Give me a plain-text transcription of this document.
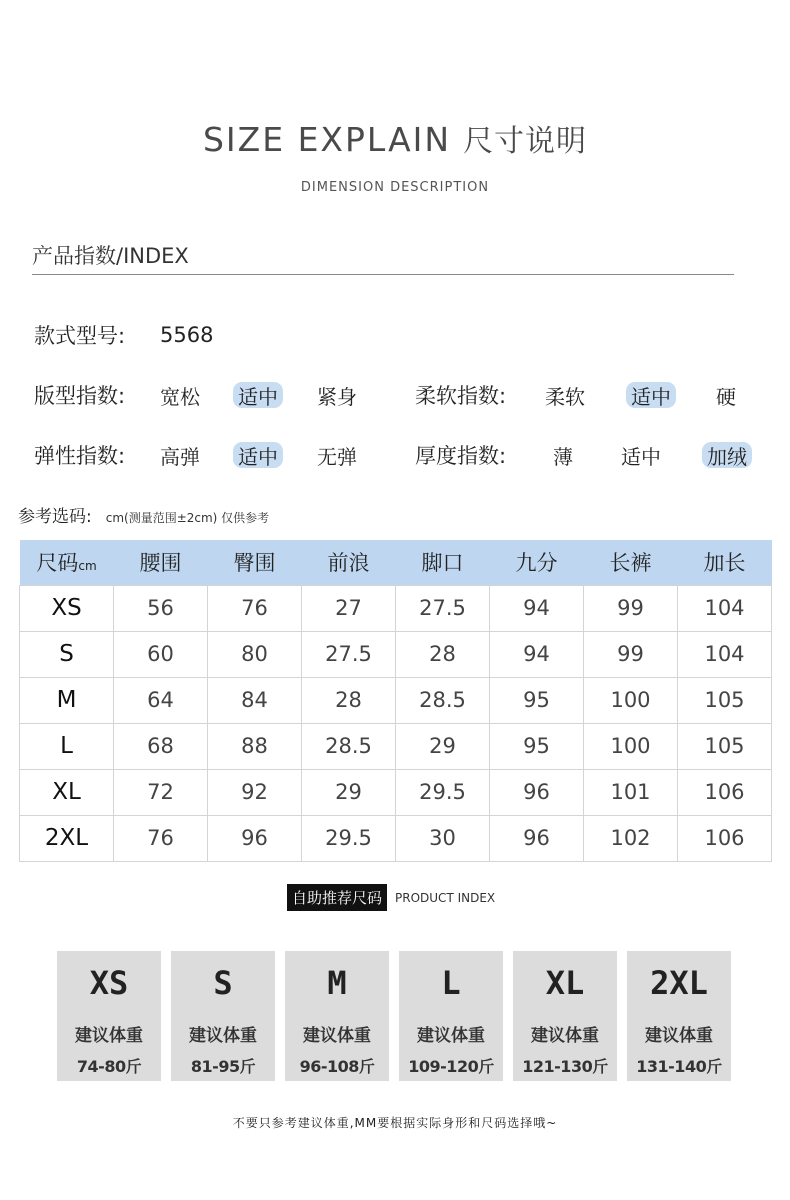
SIZE EXPLAIN 尺寸说明
DIMENSION DESCRIPTION
产品指数/INDEX
款式型号:	5568
版型指数:	宽松 适中 紧身	柔软指数: 柔软 适中 硬
弹性指数:	高弹 适中 无弹	厚度指数: 薄 适中 加绒
参考选码: cm(测量范围±2cm) 仅供参考
尺码cm	腰围	臀围	前浪	脚口	九分	长裤	加长
XS	56	76	27	27.5	94	99	104
S	60	80	27.5	28	94	99	104
M	64	84	28	28.5	95	100	105
L	68	88	28.5	29	95	100	105
XL	72	92	29	29.5	96	101	106
2XL	76	96	29.5	30	96	102	106
自助推荐尺码	PRODUCT INDEX
XS
建议体重
74-80斤
S
建议体重
81-95斤
M
建议体重
96-108斤
L
建议体重
109-120斤
XL
建议体重
121-130斤
2XL
建议体重
131-140斤
不要只参考建议体重,MM要根据实际身形和尺码选择哦~
